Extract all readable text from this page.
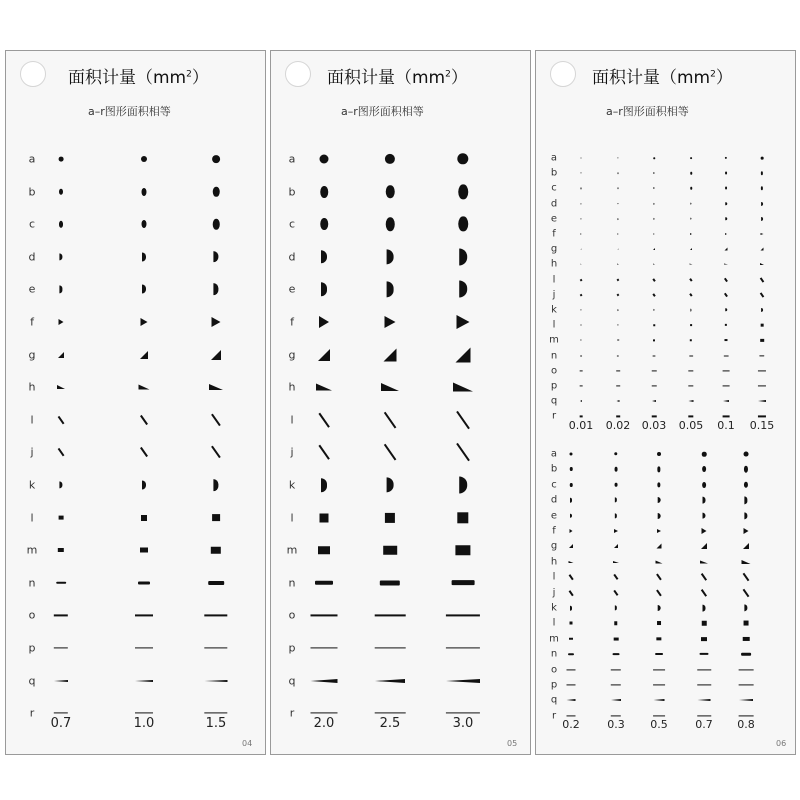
面积计量$(mm^2)$
a–r图形面积相等
a
b
c
d
e
f
g
h
l
j
k
l
m
n
o
p
q
r
0.7	1.0	1.5
04
面积计量$(mm^2)$
a–r图形面积相等
a
b
c
d
e
f
g
h
l
j
k
l
m
n
o
p
q
r
2.0	2.5	3.0
05
面积计量$(mm^2)$
a–r图形面积相等
a
b
c
d
e
f
g
h
l
j
k
l
m
n
o
p
q
r
0.01 0.02 0.03 0.05 0.1 0.15
a
b
c
d
e
f
g
h
l
j
k
l
m
n
o
p
q
r
0.2	0.3 0.5	0.7 0.8
06
